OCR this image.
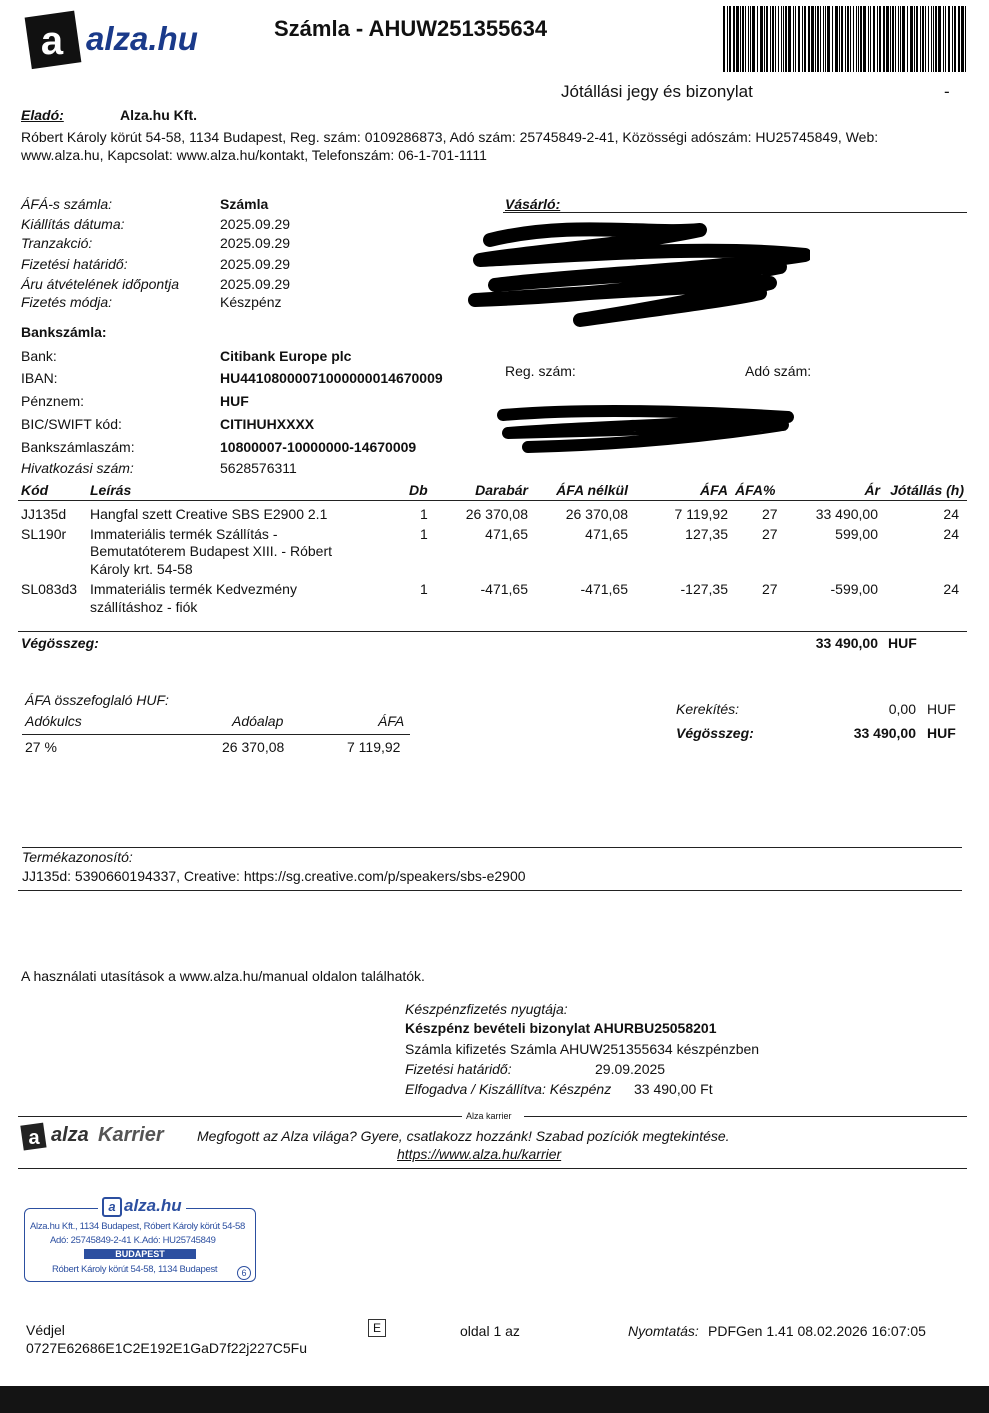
a alza.hu	Számla - AHUW251355634
Jótállási jegy és bizonylat	-
Eladó:	Alza.hu Kft.
Róbert Károly körút 54-58, 1134 Budapest, Reg. szám: 0109286873, Adó szám: 25745849-2-41, Közösségi adószám: HU25745849, Web:
www.alza.hu, Kapcsolat: www.alza.hu/kontakt, Telefonszám: 06-1-701-1111
ÁFÁ-s számla:	Számla
Kiállítás dátuma:	2025.09.29
Tranzakció:	2025.09.29
Fizetési határidő:	2025.09.29
Áru átvételének időpontja	2025.09.29
Fizetés módja:	Készpénz
Vásárló:
Reg. szám:	Adó szám:
Bankszámla:
Bank:	Citibank Europe plc
IBAN:	HU44108000071000000014670009
Pénznem:	HUF
BIC/SWIFT kód:	CITIHUHXXXX
Bankszámlaszám:	10800007-10000000-14670009
Hivatkozási szám:	5628576311
Kód	Leírás	Db	Darabár	ÁFA nélkül	ÁFA ÁFA%	Ár Jótállás (h)
JJ135d Hangfal szett Creative SBS E2900 2.1	1	26 370,08	26 370,08	7 119,92 27	33 490,00	24
SL190r Immateriális termék Szállítás -
Bemutatóterem Budapest XIII. - Róbert
Károly krt. 54-58
1	471,65	471,65	127,35 27	599,00	24
SL083d3 Immateriális termék Kedvezmény
szállításhoz - fiók
1	-471,65	-471,65	-127,35 27	-599,00	24
Végösszeg:	33 490,00 HUF
ÁFA összefoglaló HUF:
Adókulcs	Adóalap	ÁFA
27 %	26 370,08	7 119,92
Kerekítés:	0,00 HUF
Végösszeg:	33 490,00 HUF
Termékazonosító:
JJ135d: 5390660194337, Creative: https://sg.creative.com/p/speakers/sbs-e2900
A használati utasítások a www.alza.hu/manual oldalon találhatók.
Készpénzfizetés nyugtája:
Készpénz bevételi bizonylat AHURBU25058201
Számla kifizetés Számla AHUW251355634 készpénzben
Fizetési határidő:	29.09.2025
Elfogadva / Kiszállítva: Készpénz 33 490,00 Ft
Alza karrier
a alza Karrier Megfogott az Alza világa? Gyere, csatlakozz hozzánk! Szabad pozíciók megtekintése.
https://www.alza.hu/karrier
a alza.hu
Alza.hu Kft., 1134 Budapest, Róbert Károly körút 54-58
Adó: 25745849-2-41 K.Adó: HU25745849
BUDAPEST
Róbert Károly körút 54-58, 1134 Budapest	6
Védjel
0727E62686E1C2E192E1GaD7f22j227C5Fu
E	oldal 1 az	Nyomtatás: PDFGen 1.41 08.02.2026 16:07:05
